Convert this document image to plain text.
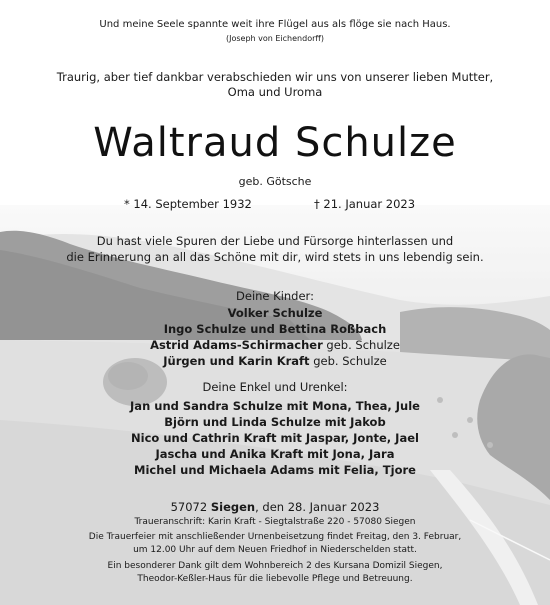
Und meine Seele spannte weit ihre Flügel aus als flöge sie nach Haus.
(Joseph von Eichendorff)
Traurig, aber tief dankbar verabschieden wir uns von unserer lieben Mutter,
Oma und Uroma
Waltraud Schulze
geb. Götsche
* 14. September 1932	† 21. Januar 2023
Du hast viele Spuren der Liebe und Fürsorge hinterlassen und
die Erinnerung an all das Schöne mit dir, wird stets in uns lebendig sein.
Deine Kinder:
Volker Schulze
Ingo Schulze und Bettina Roßbach
Astrid Adams-Schirmacher geb. Schulze
Jürgen und Karin Kraft geb. Schulze
Deine Enkel und Urenkel:
Jan und Sandra Schulze mit Mona, Thea, Jule
Björn und Linda Schulze mit Jakob
Nico und Cathrin Kraft mit Jaspar, Jonte, Jael
Jascha und Anika Kraft mit Jona, Jara
Michel und Michaela Adams mit Felia, Tjore
57072 Siegen, den 28. Januar 2023
Traueranschrift: Karin Kraft - Siegtalstraße 220 - 57080 Siegen
Die Trauerfeier mit anschließender Urnenbeisetzung findet Freitag, den 3. Februar,
um 12.00 Uhr auf dem Neuen Friedhof in Niederschelden statt.
Ein besonderer Dank gilt dem Wohnbereich 2 des Kursana Domizil Siegen,
Theodor-Keßler-Haus für die liebevolle Pflege und Betreuung.
